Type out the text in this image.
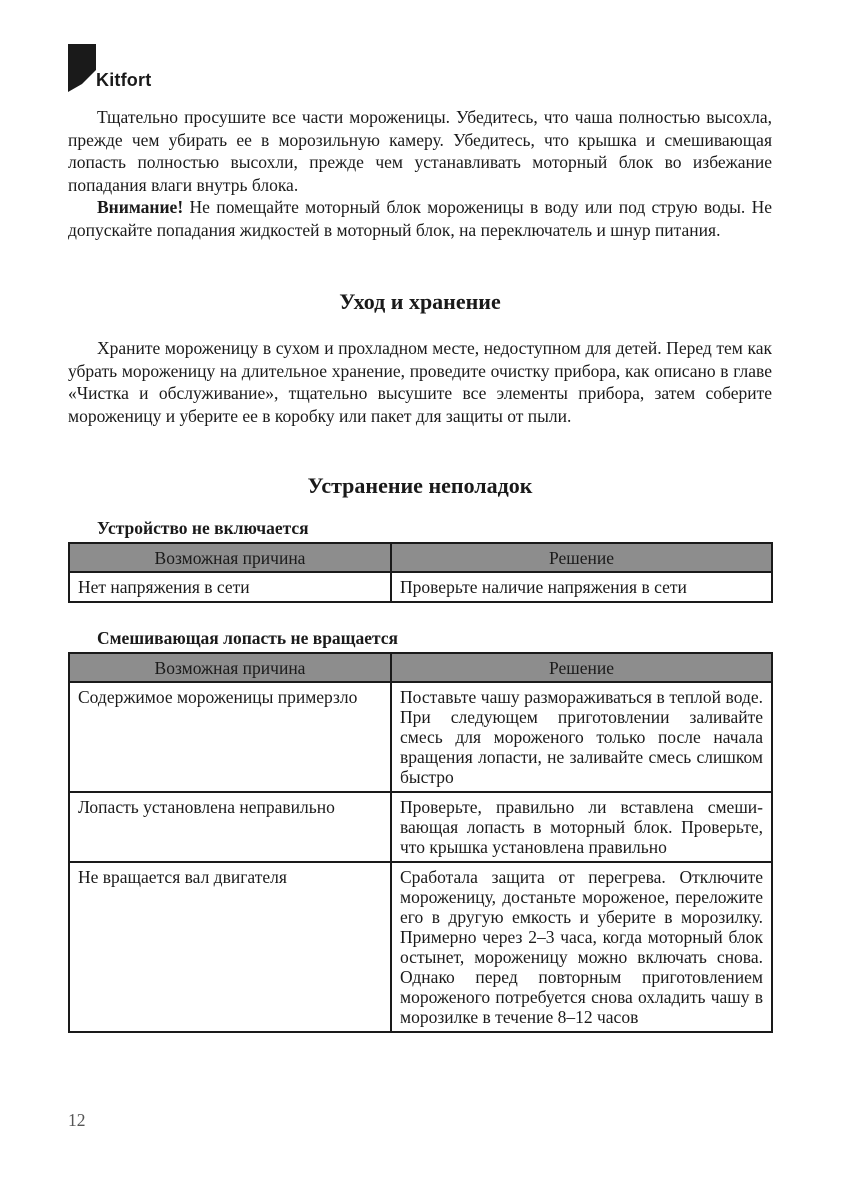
Kitfort

Тщательно просушите все части мороженицы. Убедитесь, что чаша полностью высохла, прежде чем убирать ее в морозильную камеру. Убедитесь, что крышка и смешивающая лопасть полностью высохли, прежде чем устанавливать моторный блок во избежание попадания влаги внутрь блока.

Внимание! Не помещайте моторный блок мороженицы в воду или под струю воды. Не допускайте попадания жидкостей в моторный блок, на переключатель и шнур питания.

Уход и хранение

Храните мороженицу в сухом и прохладном месте, недоступном для детей. Перед тем как убрать мороженицу на длительное хранение, проведите очистку прибора, как описано в главе «Чистка и обслуживание», тщательно высушите все элементы прибора, затем соберите мороженицу и уберите ее в коробку или пакет для защиты от пыли.

Устранение неполадок
Устройство не включается
Возможная причина	Решение
Нет напряжения в сети	Проверьте наличие напряжения в сети
Смешивающая лопасть не вращается
Возможная причина	Решение
Содержимое мороженицы примерзло	Поставьте чашу размораживаться в теплой воде. При следующем приготовлении заливайте смесь для мороженого только после начала вращения лопасти, не заливайте смесь слишком быстро
Лопасть установлена неправильно	Проверьте, правильно ли вставлена смешивающая лопасть в моторный блок. Проверьте, что крышка установлена правильно
Не вращается вал двигателя	Сработала защита от перегрева. Отключите мороженицу, достаньте мороженое, переложите его в другую емкость и уберите в морозилку. Примерно через 2–3 часа, когда моторный блок остынет, мороженицу можно включать снова. Однако перед повторным приготовлением мороженого потребуется снова охладить чашу в морозилке в течение 8–12 часов
12
